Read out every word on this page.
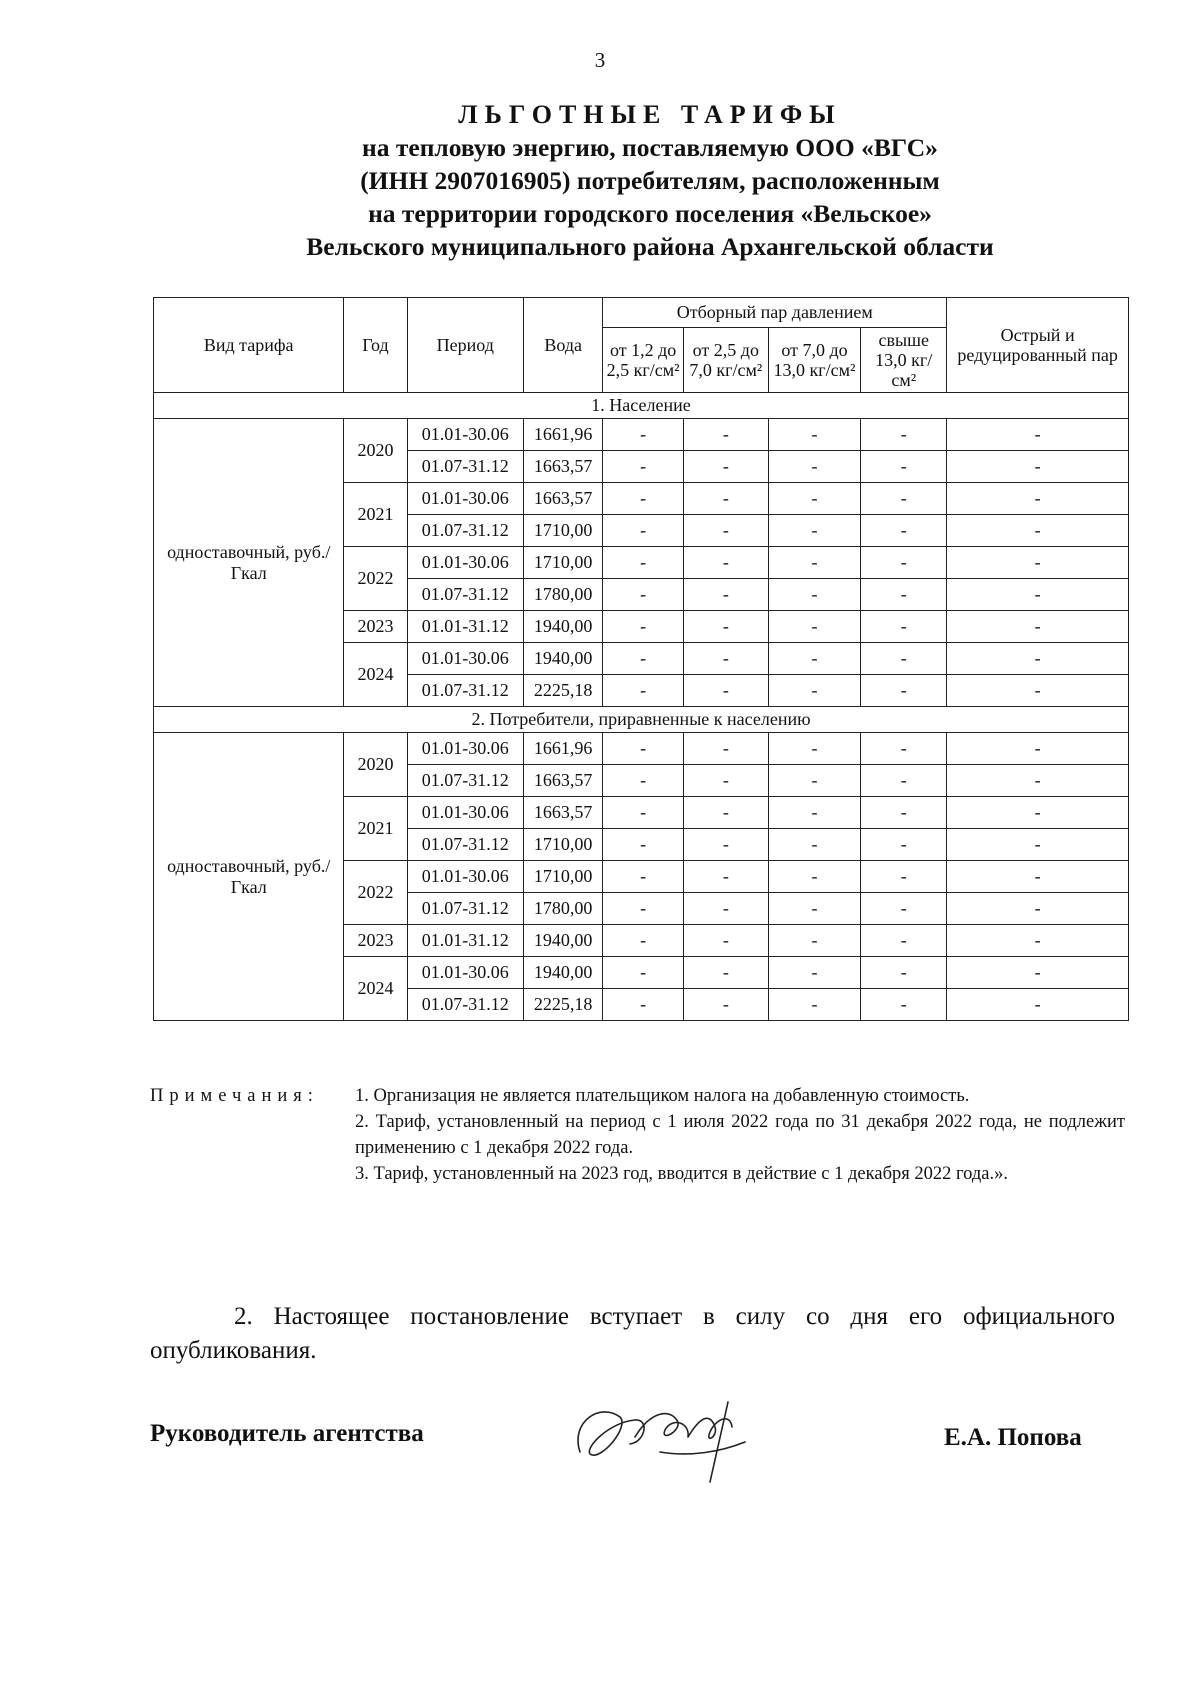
3
ЛЬГОТНЫЕ ТАРИФЫ
на тепловую энергию, поставляемую ООО «ВГС»
(ИНН 2907016905) потребителям, расположенным
на территории городского поселения «Вельское»
Вельского муниципального района Архангельской области
Вид тарифа	Год	Период	Вода	Отборный пар давлением				Острый и редуцированный пар
				от 1,2 до 2,5 кг/см²	от 2,5 до 7,0 кг/см²	от 7,0 до 13,0 кг/см²	свыше 13,0 кг/см²	
1. Население								
одноставочный, руб./Гкал	2020	01.01-30.06	1661,96	-	-	-	-	-
		01.07-31.12	1663,57	-	-	-	-	-
	2021	01.01-30.06	1663,57	-	-	-	-	-
		01.07-31.12	1710,00	-	-	-	-	-
	2022	01.01-30.06	1710,00	-	-	-	-	-
		01.07-31.12	1780,00	-	-	-	-	-
	2023	01.01-31.12	1940,00	-	-	-	-	-
	2024	01.01-30.06	1940,00	-	-	-	-	-
		01.07-31.12	2225,18	-	-	-	-	-
2. Потребители, приравненные к населению								
одноставочный, руб./Гкал	2020	01.01-30.06	1661,96	-	-	-	-	-
		01.07-31.12	1663,57	-	-	-	-	-
	2021	01.01-30.06	1663,57	-	-	-	-	-
		01.07-31.12	1710,00	-	-	-	-	-
	2022	01.01-30.06	1710,00	-	-	-	-	-
		01.07-31.12	1780,00	-	-	-	-	-
	2023	01.01-31.12	1940,00	-	-	-	-	-
	2024	01.01-30.06	1940,00	-	-	-	-	-
		01.07-31.12	2225,18	-	-	-	-	-
Примечания: 1. Организация не является плательщиком налога на добавленную стоимость.

2. Тариф, установленный на период с 1 июля 2022 года по 31 декабря 2022 года, не подлежит применению с 1 декабря 2022 года.

3. Тариф, установленный на 2023 год, вводится в действие с 1 декабря 2022 года.».

2. Настоящее постановление вступает в силу со дня его официального опубликования.
Руководитель агентства	Е.А. Попова
